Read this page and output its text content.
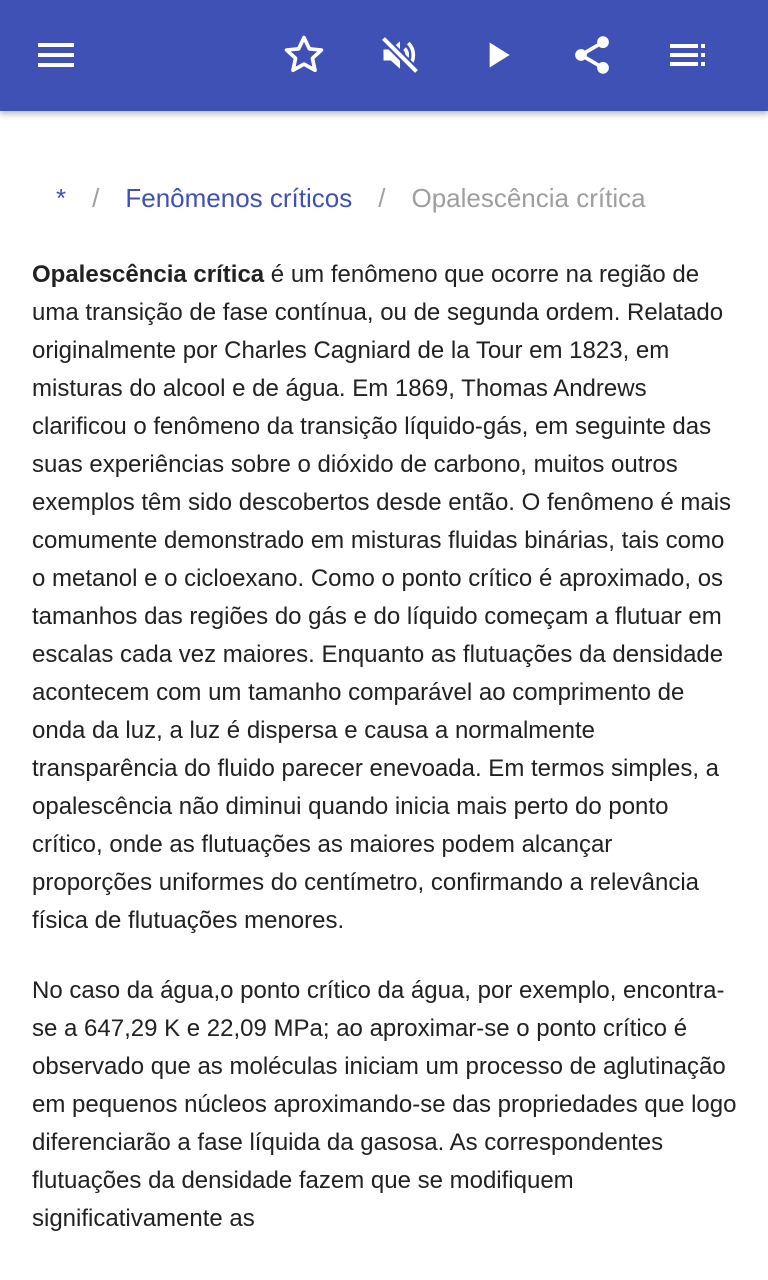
* / Fenômenos críticos / Opalescência crítica

Opalescência crítica é um fenômeno que ocorre na região de uma transição de fase contínua, ou de segunda ordem. Relatado originalmente por Charles Cagniard de la Tour em 1823, em misturas do alcool e de água. Em 1869, Thomas Andrews clarificou o fenômeno da transição líquido-gás, em seguinte das suas experiências sobre o dióxido de carbono, muitos outros exemplos têm sido descobertos desde então. O fenômeno é mais comumente demonstrado em misturas fluidas binárias, tais como o metanol e o cicloexano. Como o ponto crítico é aproximado, os tamanhos das regiões do gás e do líquido começam a flutuar em escalas cada vez maiores. Enquanto as flutuações da densidade acontecem com um tamanho comparável ao comprimento de onda da luz, a luz é dispersa e causa a normalmente transparência do fluido parecer enevoada. Em termos simples, a opalescência não diminui quando inicia mais perto do ponto crítico, onde as flutuações as maiores podem alcançar proporções uniformes do centímetro, confirmando a relevância física de flutuações menores.

No caso da água,o ponto crítico da água, por exemplo, encontra-se a 647,29 K e 22,09 MPa; ao aproximar-se o ponto crítico é observado que as moléculas iniciam um processo de aglutinação em pequenos núcleos aproximando-se das propriedades que logo diferenciarão a fase líquida da gasosa. As correspondentes flutuações da densidade fazem que se modifiquem significativamente as
